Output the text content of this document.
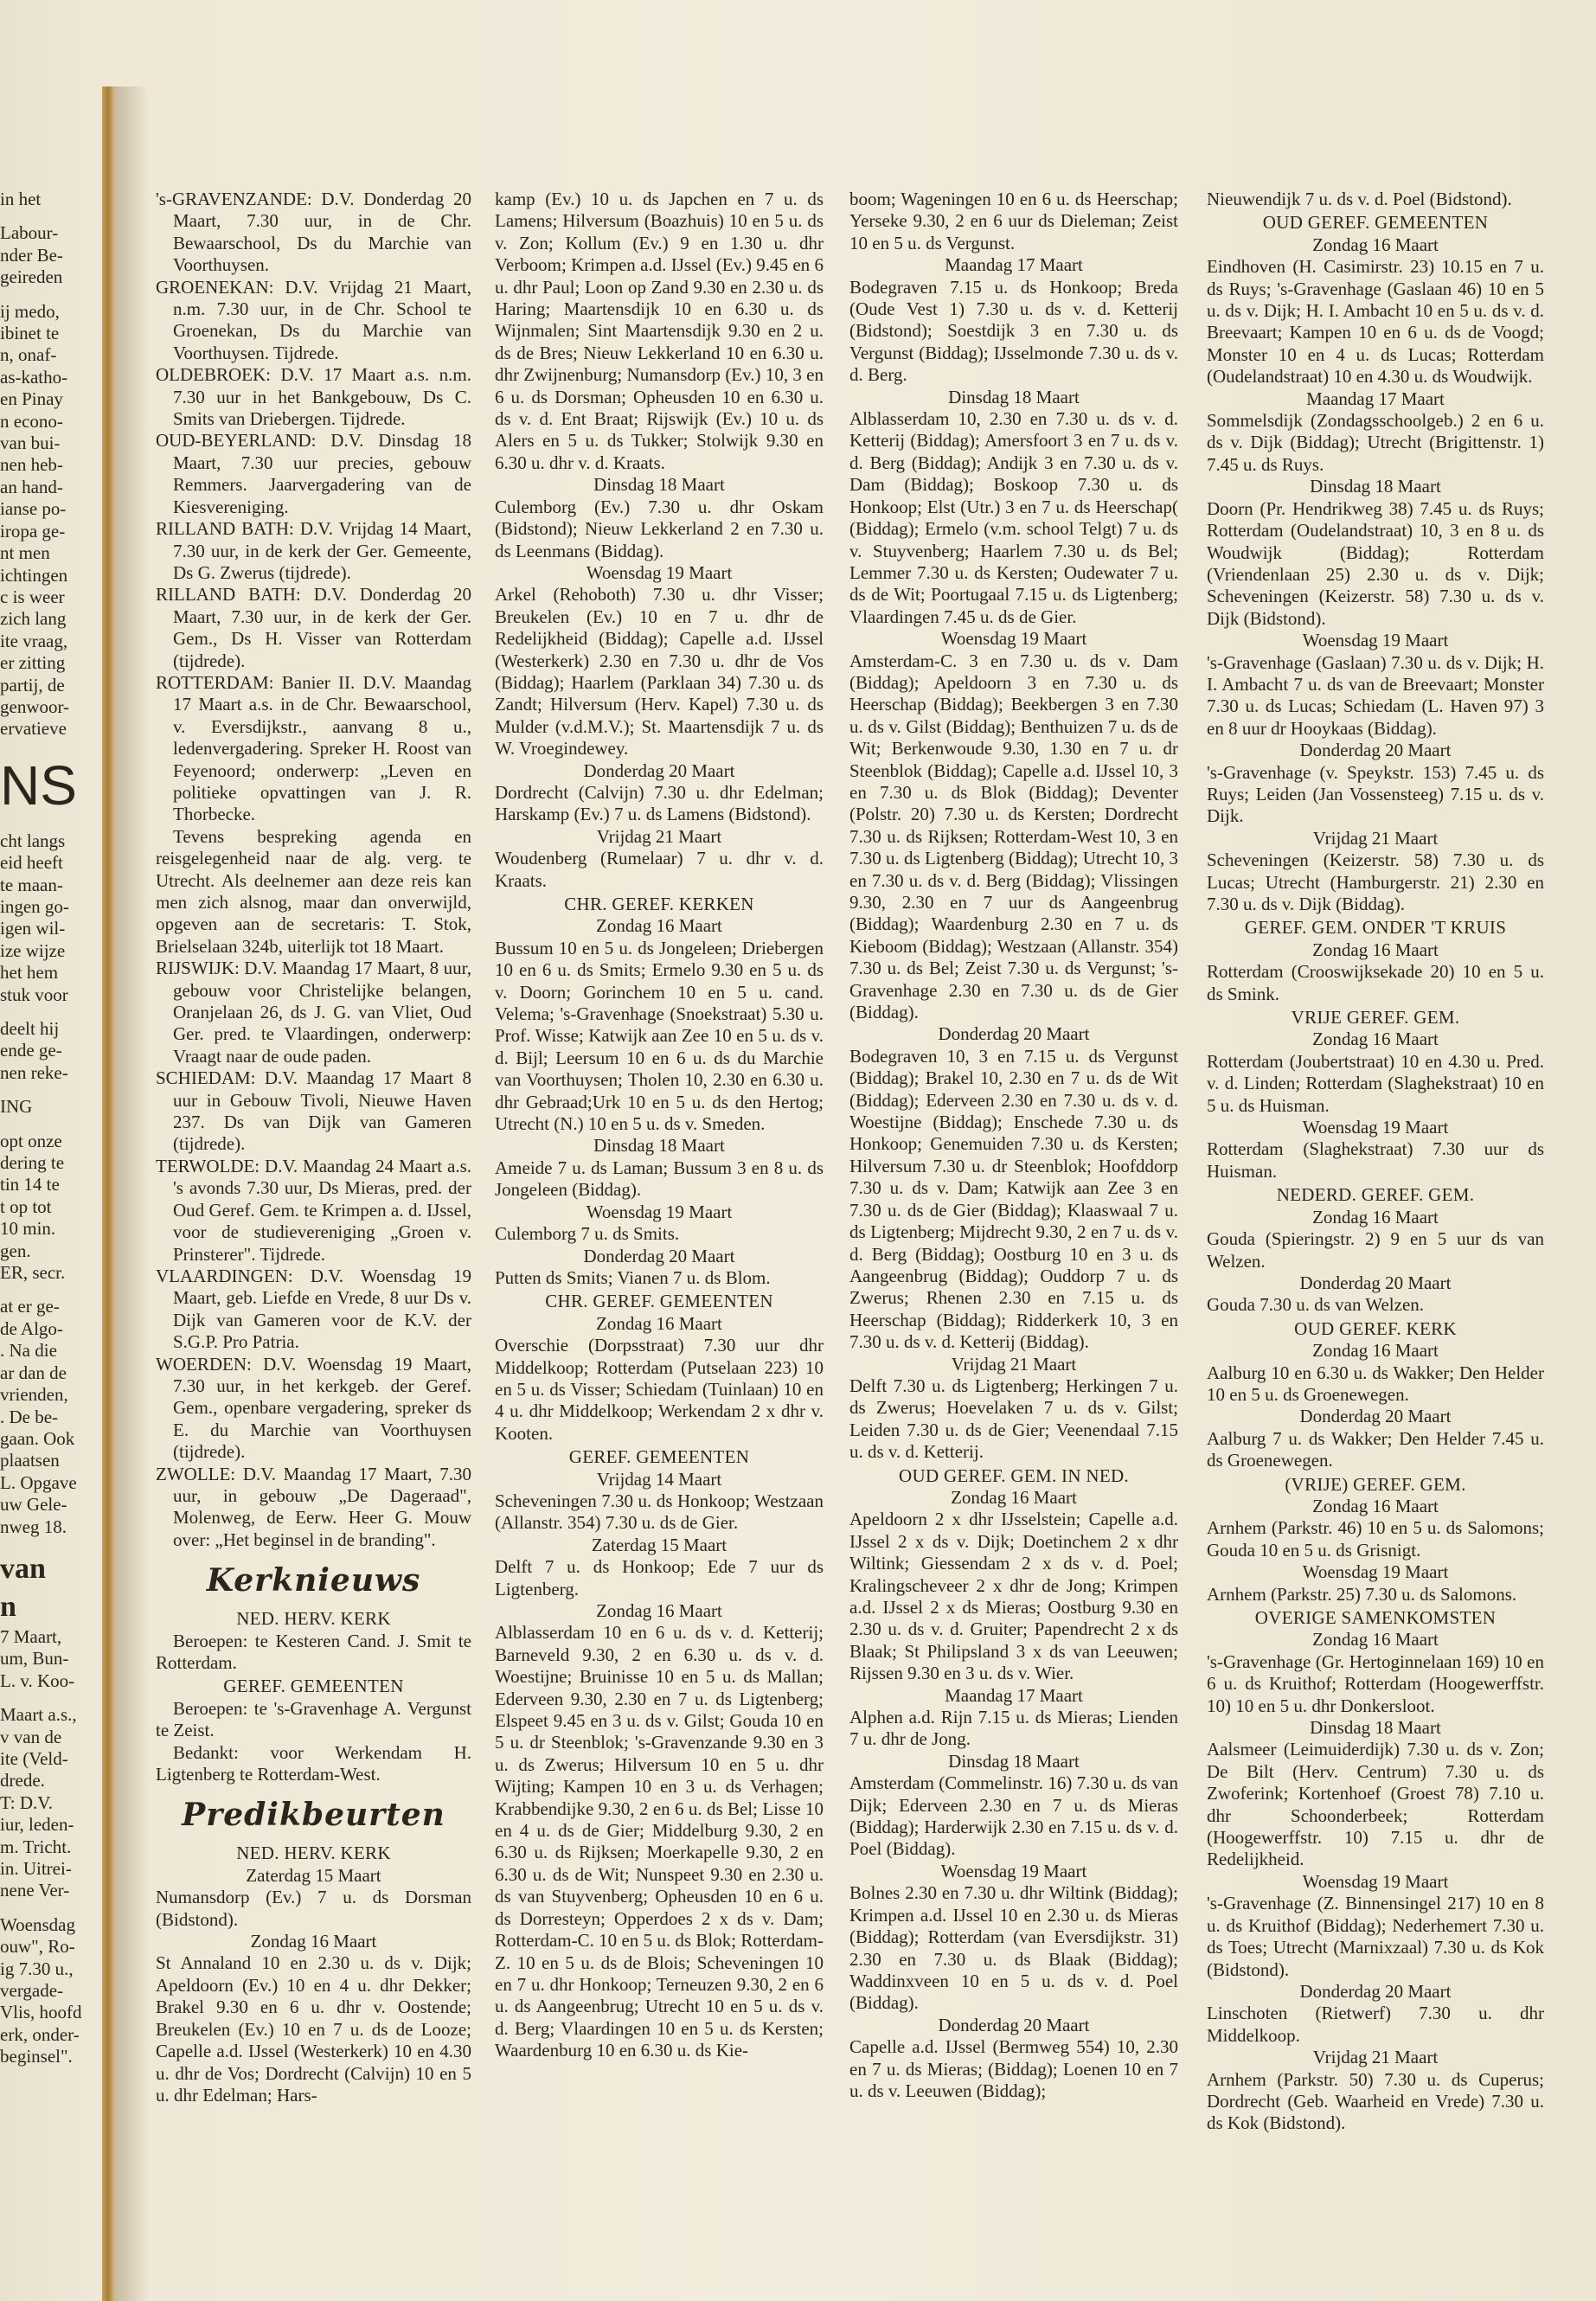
in het
Labour-
nder Be-
geireden
ij medo,
ibinet te
n, onaf-
as-katho-
en Pinay
n econo-
van bui-
nen heb-
an hand-
ianse po-
iropa ge-
nt men
ichtingen
c is weer
zich lang
ite vraag,
er zitting
partij, de
genwoor-
ervatieve
NS
cht langs
eid heeft
te maan-
ingen go-
igen wil-
ize wijze
het hem
stuk voor
deelt hij
ende ge-
nen reke-
ING
opt onze
dering te
tin 14 te
t op tot
10 min.
gen.
ER, secr.
at er ge-
de Algo-
. Na die
ar dan de
vrienden,
. De be-
gaan. Ook
plaatsen
L. Opgave
uw Gele-
nweg 18.
van
n
7 Maart,
um, Bun-
L. v. Koo-
Maart a.s.,
v van de
ite (Veld-
drede.
T: D.V.
iur, leden-
m. Tricht.
in. Uitrei-
nene Ver-
Woensdag
ouw", Ro-
ig 7.30 u.,
vergade-
Vlis, hoofd
erk, onder-
beginsel".

's-GRAVENZANDE: D.V. Donderdag 20 Maart, 7.30 uur, in de Chr. Bewaarschool, Ds du Marchie van Voorthuysen.

GROENEKAN: D.V. Vrijdag 21 Maart, n.m. 7.30 uur, in de Chr. School te Groenekan, Ds du Marchie van Voorthuysen. Tijdrede.

OLDEBROEK: D.V. 17 Maart a.s. n.m. 7.30 uur in het Bankgebouw, Ds C. Smits van Driebergen. Tijdrede.

OUD-BEYERLAND: D.V. Dinsdag 18 Maart, 7.30 uur precies, gebouw Remmers. Jaarvergadering van de Kiesvereniging.

RILLAND BATH: D.V. Vrijdag 14 Maart, 7.30 uur, in de kerk der Ger. Gemeente, Ds G. Zwerus (tijdrede).

RILLAND BATH: D.V. Donderdag 20 Maart, 7.30 uur, in de kerk der Ger. Gem., Ds H. Visser van Rotterdam (tijdrede).

ROTTERDAM: Banier II. D.V. Maandag 17 Maart a.s. in de Chr. Bewaarschool, v. Eversdijkstr., aanvang 8 u., ledenvergadering. Spreker H. Roost van Feyenoord; onderwerp: „Leven en politieke opvattingen van J. R. Thorbecke.

Tevens bespreking agenda en reisgelegenheid naar de alg. verg. te Utrecht. Als deelnemer aan deze reis kan men zich alsnog, maar dan onverwijld, opgeven aan de secretaris: T. Stok, Brielselaan 324b, uiterlijk tot 18 Maart.

RIJSWIJK: D.V. Maandag 17 Maart, 8 uur, gebouw voor Christelijke belangen, Oranjelaan 26, ds J. G. van Vliet, Oud Ger. pred. te Vlaardingen, onderwerp: Vraagt naar de oude paden.

SCHIEDAM: D.V. Maandag 17 Maart 8 uur in Gebouw Tivoli, Nieuwe Haven 237. Ds van Dijk van Gameren (tijdrede).

TERWOLDE: D.V. Maandag 24 Maart a.s. 's avonds 7.30 uur, Ds Mieras, pred. der Oud Geref. Gem. te Krimpen a. d. IJssel, voor de studievereniging „Groen v. Prinsterer". Tijdrede.

VLAARDINGEN: D.V. Woensdag 19 Maart, geb. Liefde en Vrede, 8 uur Ds v. Dijk van Gameren voor de K.V. der S.G.P. Pro Patria.

WOERDEN: D.V. Woensdag 19 Maart, 7.30 uur, in het kerkgeb. der Geref. Gem., openbare vergadering, spreker ds E. du Marchie van Voorthuysen (tijdrede).

ZWOLLE: D.V. Maandag 17 Maart, 7.30 uur, in gebouw „De Dageraad", Molenweg, de Eerw. Heer G. Mouw over: „Het beginsel in de branding".

Kerknieuws

NED. HERV. KERK

Beroepen: te Kesteren Cand. J. Smit te Rotterdam.

GEREF. GEMEENTEN

Beroepen: te 's-Gravenhage A. Vergunst te Zeist.

Bedankt: voor Werkendam H. Ligtenberg te Rotterdam-West.

Predikbeurten

NED. HERV. KERK

Zaterdag 15 Maart

Numansdorp (Ev.) 7 u. ds Dorsman (Bidstond).

Zondag 16 Maart

St Annaland 10 en 2.30 u. ds v. Dijk; Apeldoorn (Ev.) 10 en 4 u. dhr Dekker; Brakel 9.30 en 6 u. dhr v. Oostende; Breukelen (Ev.) 10 en 7 u. ds de Looze; Capelle a.d. IJssel (Westerkerk) 10 en 4.30 u. dhr de Vos; Dordrecht (Calvijn) 10 en 5 u. dhr Edelman; Hars-

kamp (Ev.) 10 u. ds Japchen en 7 u. ds Lamens; Hilversum (Boazhuis) 10 en 5 u. ds v. Zon; Kollum (Ev.) 9 en 1.30 u. dhr Verboom; Krimpen a.d. IJssel (Ev.) 9.45 en 6 u. dhr Paul; Loon op Zand 9.30 en 2.30 u. ds Haring; Maartensdijk 10 en 6.30 u. ds Wijnmalen; Sint Maartensdijk 9.30 en 2 u. ds de Bres; Nieuw Lekkerland 10 en 6.30 u. dhr Zwijnenburg; Numansdorp (Ev.) 10, 3 en 6 u. ds Dorsman; Opheusden 10 en 6.30 u. ds v. d. Ent Braat; Rijswijk (Ev.) 10 u. ds Alers en 5 u. ds Tukker; Stolwijk 9.30 en 6.30 u. dhr v. d. Kraats.

Dinsdag 18 Maart

Culemborg (Ev.) 7.30 u. dhr Oskam (Bidstond); Nieuw Lekkerland 2 en 7.30 u. ds Leenmans (Biddag).

Woensdag 19 Maart

Arkel (Rehoboth) 7.30 u. dhr Visser; Breukelen (Ev.) 10 en 7 u. dhr de Redelijkheid (Biddag); Capelle a.d. IJssel (Westerkerk) 2.30 en 7.30 u. dhr de Vos (Biddag); Haarlem (Parklaan 34) 7.30 u. ds Zandt; Hilversum (Herv. Kapel) 7.30 u. ds Mulder (v.d.M.V.); St. Maartensdijk 7 u. ds W. Vroegindewey.

Donderdag 20 Maart

Dordrecht (Calvijn) 7.30 u. dhr Edelman; Harskamp (Ev.) 7 u. ds Lamens (Bidstond).

Vrijdag 21 Maart

Woudenberg (Rumelaar) 7 u. dhr v. d. Kraats.

CHR. GEREF. KERKEN

Zondag 16 Maart

Bussum 10 en 5 u. ds Jongeleen; Driebergen 10 en 6 u. ds Smits; Ermelo 9.30 en 5 u. ds v. Doorn; Gorinchem 10 en 5 u. cand. Velema; 's-Gravenhage (Snoekstraat) 5.30 u. Prof. Wisse; Katwijk aan Zee 10 en 5 u. ds v. d. Bijl; Leersum 10 en 6 u. ds du Marchie van Voorthuysen; Tholen 10, 2.30 en 6.30 u. dhr Gebraad;Urk 10 en 5 u. ds den Hertog; Utrecht (N.) 10 en 5 u. ds v. Smeden.

Dinsdag 18 Maart

Ameide 7 u. ds Laman; Bussum 3 en 8 u. ds Jongeleen (Biddag).

Woensdag 19 Maart

Culemborg 7 u. ds Smits.

Donderdag 20 Maart

Putten ds Smits; Vianen 7 u. ds Blom.

CHR. GEREF. GEMEENTEN

Zondag 16 Maart

Overschie (Dorpsstraat) 7.30 uur dhr Middelkoop; Rotterdam (Putselaan 223) 10 en 5 u. ds Visser; Schiedam (Tuinlaan) 10 en 4 u. dhr Middelkoop; Werkendam 2 x dhr v. Kooten.

GEREF. GEMEENTEN

Vrijdag 14 Maart

Scheveningen 7.30 u. ds Honkoop; Westzaan (Allanstr. 354) 7.30 u. ds de Gier.

Zaterdag 15 Maart

Delft 7 u. ds Honkoop; Ede 7 uur ds Ligtenberg.

Zondag 16 Maart

Alblasserdam 10 en 6 u. ds v. d. Ketterij; Barneveld 9.30, 2 en 6.30 u. ds v. d. Woestijne; Bruinisse 10 en 5 u. ds Mallan; Ederveen 9.30, 2.30 en 7 u. ds Ligtenberg; Elspeet 9.45 en 3 u. ds v. Gilst; Gouda 10 en 5 u. dr Steenblok; 's-Gravenzande 9.30 en 3 u. ds Zwerus; Hilversum 10 en 5 u. dhr Wijting; Kampen 10 en 3 u. ds Verhagen; Krabbendijke 9.30, 2 en 6 u. ds Bel; Lisse 10 en 4 u. ds de Gier; Middelburg 9.30, 2 en 6.30 u. ds Rijksen; Moerkapelle 9.30, 2 en 6.30 u. ds de Wit; Nunspeet 9.30 en 2.30 u. ds van Stuyvenberg; Opheusden 10 en 6 u. ds Dorresteyn; Opperdoes 2 x ds v. Dam; Rotterdam-C. 10 en 5 u. ds Blok; Rotterdam-Z. 10 en 5 u. ds de Blois; Scheveningen 10 en 7 u. dhr Honkoop; Terneuzen 9.30, 2 en 6 u. ds Aangeenbrug; Utrecht 10 en 5 u. ds v. d. Berg; Vlaardingen 10 en 5 u. ds Kersten; Waardenburg 10 en 6.30 u. ds Kie-

boom; Wageningen 10 en 6 u. ds Heerschap; Yerseke 9.30, 2 en 6 uur ds Dieleman; Zeist 10 en 5 u. ds Vergunst.

Maandag 17 Maart

Bodegraven 7.15 u. ds Honkoop; Breda (Oude Vest 1) 7.30 u. ds v. d. Ketterij (Bidstond); Soestdijk 3 en 7.30 u. ds Vergunst (Biddag); IJsselmonde 7.30 u. ds v. d. Berg.

Dinsdag 18 Maart

Alblasserdam 10, 2.30 en 7.30 u. ds v. d. Ketterij (Biddag); Amersfoort 3 en 7 u. ds v. d. Berg (Biddag); Andijk 3 en 7.30 u. ds v. Dam (Biddag); Boskoop 7.30 u. ds Honkoop; Elst (Utr.) 3 en 7 u. ds Heerschap( (Biddag); Ermelo (v.m. school Telgt) 7 u. ds v. Stuyvenberg; Haarlem 7.30 u. ds Bel; Lemmer 7.30 u. ds Kersten; Oudewater 7 u. ds de Wit; Poortugaal 7.15 u. ds Ligtenberg; Vlaardingen 7.45 u. ds de Gier.

Woensdag 19 Maart

Amsterdam-C. 3 en 7.30 u. ds v. Dam (Biddag); Apeldoorn 3 en 7.30 u. ds Heerschap (Biddag); Beekbergen 3 en 7.30 u. ds v. Gilst (Biddag); Benthuizen 7 u. ds de Wit; Berkenwoude 9.30, 1.30 en 7 u. dr Steenblok (Biddag); Capelle a.d. IJssel 10, 3 en 7.30 u. ds Blok (Biddag); Deventer (Polstr. 20) 7.30 u. ds Kersten; Dordrecht 7.30 u. ds Rijksen; Rotterdam-West 10, 3 en 7.30 u. ds Ligtenberg (Biddag); Utrecht 10, 3 en 7.30 u. ds v. d. Berg (Biddag); Vlissingen 9.30, 2.30 en 7 uur ds Aangeenbrug (Biddag); Waardenburg 2.30 en 7 u. ds Kieboom (Biddag); Westzaan (Allanstr. 354) 7.30 u. ds Bel; Zeist 7.30 u. ds Vergunst; 's-Gravenhage 2.30 en 7.30 u. ds de Gier (Biddag).

Donderdag 20 Maart

Bodegraven 10, 3 en 7.15 u. ds Vergunst (Biddag); Brakel 10, 2.30 en 7 u. ds de Wit (Biddag); Ederveen 2.30 en 7.30 u. ds v. d. Woestijne (Biddag); Enschede 7.30 u. ds Honkoop; Genemuiden 7.30 u. ds Kersten; Hilversum 7.30 u. dr Steenblok; Hoofddorp 7.30 u. ds v. Dam; Katwijk aan Zee 3 en 7.30 u. ds de Gier (Biddag); Klaaswaal 7 u. ds Ligtenberg; Mijdrecht 9.30, 2 en 7 u. ds v. d. Berg (Biddag); Oostburg 10 en 3 u. ds Aangeenbrug (Biddag); Ouddorp 7 u. ds Zwerus; Rhenen 2.30 en 7.15 u. ds Heerschap (Biddag); Ridderkerk 10, 3 en 7.30 u. ds v. d. Ketterij (Biddag).

Vrijdag 21 Maart

Delft 7.30 u. ds Ligtenberg; Herkingen 7 u. ds Zwerus; Hoevelaken 7 u. ds v. Gilst; Leiden 7.30 u. ds de Gier; Veenendaal 7.15 u. ds v. d. Ketterij.

OUD GEREF. GEM. IN NED.

Zondag 16 Maart

Apeldoorn 2 x dhr IJsselstein; Capelle a.d. IJssel 2 x ds v. Dijk; Doetinchem 2 x dhr Wiltink; Giessendam 2 x ds v. d. Poel; Kralingscheveer 2 x dhr de Jong; Krimpen a.d. IJssel 2 x ds Mieras; Oostburg 9.30 en 2.30 u. ds v. d. Gruiter; Papendrecht 2 x ds Blaak; St Philipsland 3 x ds van Leeuwen; Rijssen 9.30 en 3 u. ds v. Wier.

Maandag 17 Maart

Alphen a.d. Rijn 7.15 u. ds Mieras; Lienden 7 u. dhr de Jong.

Dinsdag 18 Maart

Amsterdam (Commelinstr. 16) 7.30 u. ds van Dijk; Ederveen 2.30 en 7 u. ds Mieras (Biddag); Harderwijk 2.30 en 7.15 u. ds v. d. Poel (Biddag).

Woensdag 19 Maart

Bolnes 2.30 en 7.30 u. dhr Wiltink (Biddag); Krimpen a.d. IJssel 10 en 2.30 u. ds Mieras (Biddag); Rotterdam (van Eversdijkstr. 31) 2.30 en 7.30 u. ds Blaak (Biddag); Waddinxveen 10 en 5 u. ds v. d. Poel (Biddag).

Donderdag 20 Maart

Capelle a.d. IJssel (Bermweg 554) 10, 2.30 en 7 u. ds Mieras; (Biddag); Loenen 10 en 7 u. ds v. Leeuwen (Biddag);

Nieuwendijk 7 u. ds v. d. Poel (Bidstond).

OUD GEREF. GEMEENTEN

Zondag 16 Maart

Eindhoven (H. Casimirstr. 23) 10.15 en 7 u. ds Ruys; 's-Gravenhage (Gaslaan 46) 10 en 5 u. ds v. Dijk; H. I. Ambacht 10 en 5 u. ds v. d. Breevaart; Kampen 10 en 6 u. ds de Voogd; Monster 10 en 4 u. ds Lucas; Rotterdam (Oudelandstraat) 10 en 4.30 u. ds Woudwijk.

Maandag 17 Maart

Sommelsdijk (Zondagsschoolgeb.) 2 en 6 u. ds v. Dijk (Biddag); Utrecht (Brigittenstr. 1) 7.45 u. ds Ruys.

Dinsdag 18 Maart

Doorn (Pr. Hendrikweg 38) 7.45 u. ds Ruys; Rotterdam (Oudelandstraat) 10, 3 en 8 u. ds Woudwijk (Biddag); Rotterdam (Vriendenlaan 25) 2.30 u. ds v. Dijk; Scheveningen (Keizerstr. 58) 7.30 u. ds v. Dijk (Bidstond).

Woensdag 19 Maart

's-Gravenhage (Gaslaan) 7.30 u. ds v. Dijk; H. I. Ambacht 7 u. ds van de Breevaart; Monster 7.30 u. ds Lucas; Schiedam (L. Haven 97) 3 en 8 uur dr Hooykaas (Biddag).

Donderdag 20 Maart

's-Gravenhage (v. Speykstr. 153) 7.45 u. ds Ruys; Leiden (Jan Vossensteeg) 7.15 u. ds v. Dijk.

Vrijdag 21 Maart

Scheveningen (Keizerstr. 58) 7.30 u. ds Lucas; Utrecht (Hamburgerstr. 21) 2.30 en 7.30 u. ds v. Dijk (Biddag).

GEREF. GEM. ONDER 'T KRUIS

Zondag 16 Maart

Rotterdam (Crooswijksekade 20) 10 en 5 u. ds Smink.

VRIJE GEREF. GEM.

Zondag 16 Maart

Rotterdam (Joubertstraat) 10 en 4.30 u. Pred. v. d. Linden; Rotterdam (Slaghekstraat) 10 en 5 u. ds Huisman.

Woensdag 19 Maart

Rotterdam (Slaghekstraat) 7.30 uur ds Huisman.

NEDERD. GEREF. GEM.

Zondag 16 Maart

Gouda (Spieringstr. 2) 9 en 5 uur ds van Welzen.

Donderdag 20 Maart

Gouda 7.30 u. ds van Welzen.

OUD GEREF. KERK

Zondag 16 Maart

Aalburg 10 en 6.30 u. ds Wakker; Den Helder 10 en 5 u. ds Groenewegen.

Donderdag 20 Maart

Aalburg 7 u. ds Wakker; Den Helder 7.45 u. ds Groenewegen.

(VRIJE) GEREF. GEM.

Zondag 16 Maart

Arnhem (Parkstr. 46) 10 en 5 u. ds Salomons; Gouda 10 en 5 u. ds Grisnigt.

Woensdag 19 Maart

Arnhem (Parkstr. 25) 7.30 u. ds Salomons.

OVERIGE SAMENKOMSTEN

Zondag 16 Maart

's-Gravenhage (Gr. Hertoginnelaan 169) 10 en 6 u. ds Kruithof; Rotterdam (Hoogewerffstr. 10) 10 en 5 u. dhr Donkersloot.

Dinsdag 18 Maart

Aalsmeer (Leimuiderdijk) 7.30 u. ds v. Zon; De Bilt (Herv. Centrum) 7.30 u. ds Zwoferink; Kortenhoef (Groest 78) 7.10 u. dhr Schoonderbeek; Rotterdam (Hoogewerffstr. 10) 7.15 u. dhr de Redelijkheid.

Woensdag 19 Maart

's-Gravenhage (Z. Binnensingel 217) 10 en 8 u. ds Kruithof (Biddag); Nederhemert 7.30 u. ds Toes; Utrecht (Marnixzaal) 7.30 u. ds Kok (Bidstond).

Donderdag 20 Maart

Linschoten (Rietwerf) 7.30 u. dhr Middelkoop.

Vrijdag 21 Maart

Arnhem (Parkstr. 50) 7.30 u. ds Cuperus; Dordrecht (Geb. Waarheid en Vrede) 7.30 u. ds Kok (Bidstond).
